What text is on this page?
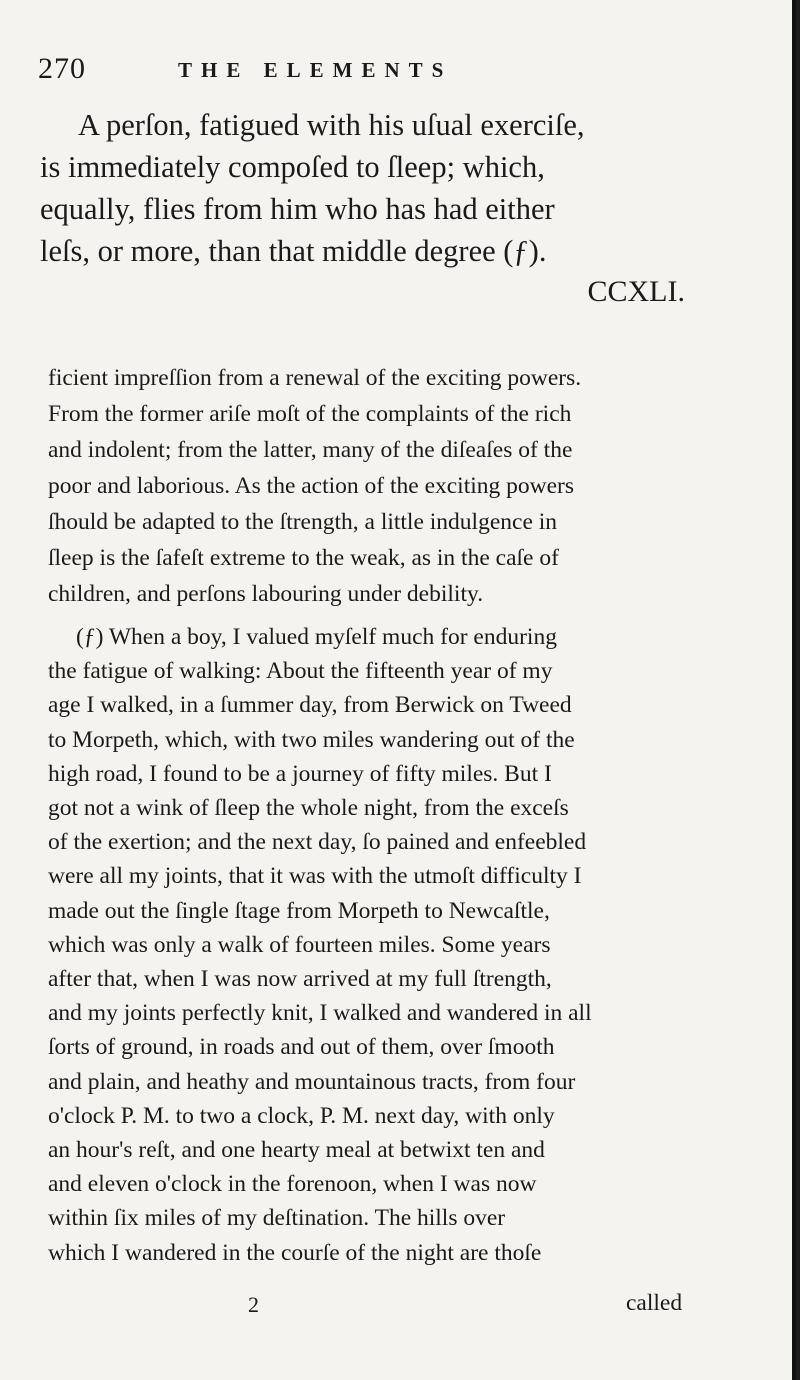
270	THE ELEMENTS
A perſon, fatigued with his uſual exerciſe,
is immediately compoſed to ſleep; which,
equally, flies from him who has had either
leſs, or more, than that middle degree (ƒ).
CCXLI.
ficient impreſſion from a renewal of the exciting powers.
From the former ariſe moſt of the complaints of the rich
and indolent; from the latter, many of the diſeaſes of the
poor and laborious. As the action of the exciting powers
ſhould be adapted to the ſtrength, a little indulgence in
ſleep is the ſafeſt extreme to the weak, as in the caſe of
children, and perſons labouring under debility.
(ƒ) When a boy, I valued myſelf much for enduring
the fatigue of walking: About the fifteenth year of my
age I walked, in a ſummer day, from Berwick on Tweed
to Morpeth, which, with two miles wandering out of the
high road, I found to be a journey of fifty miles. But I
got not a wink of ſleep the whole night, from the exceſs
of the exertion; and the next day, ſo pained and enfeebled
were all my joints, that it was with the utmoſt difficulty I
made out the ſingle ſtage from Morpeth to Newcaſtle,
which was only a walk of fourteen miles. Some years
after that, when I was now arrived at my full ſtrength,
and my joints perfectly knit, I walked and wandered in all
ſorts of ground, in roads and out of them, over ſmooth
and plain, and heathy and mountainous tracts, from four
o'clock P. M. to two a clock, P. M. next day, with only
an hour's reſt, and one hearty meal at betwixt ten and
and eleven o'clock in the forenoon, when I was now
within ſix miles of my deſtination. The hills over
which I wandered in the courſe of the night are thoſe
2	called
